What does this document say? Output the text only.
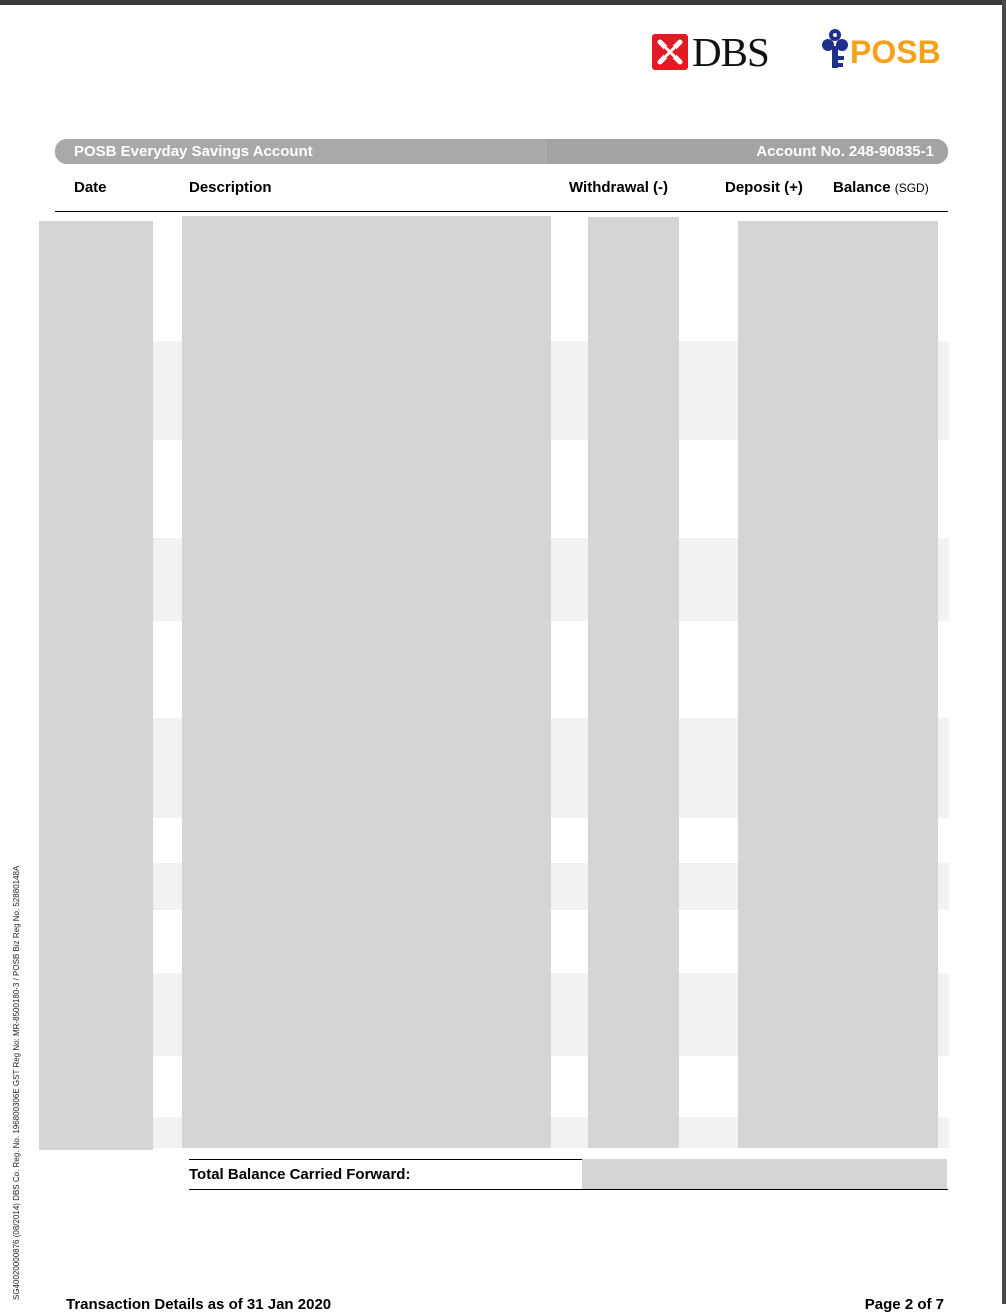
DBS	POSB
POSB Everyday Savings Account	Account No. 248-90835-1
Date	Description	Withdrawal (-)	Deposit (+) Balance (SGD)
Total Balance Carried Forward:
SG40020000876 (08/2014) DBS Co. Reg. No. 196800306E GST Reg No: MR-8500180-3 / POSB Biz Reg No. 52880148A
Transaction Details as of 31 Jan 2020	Page 2 of 7
